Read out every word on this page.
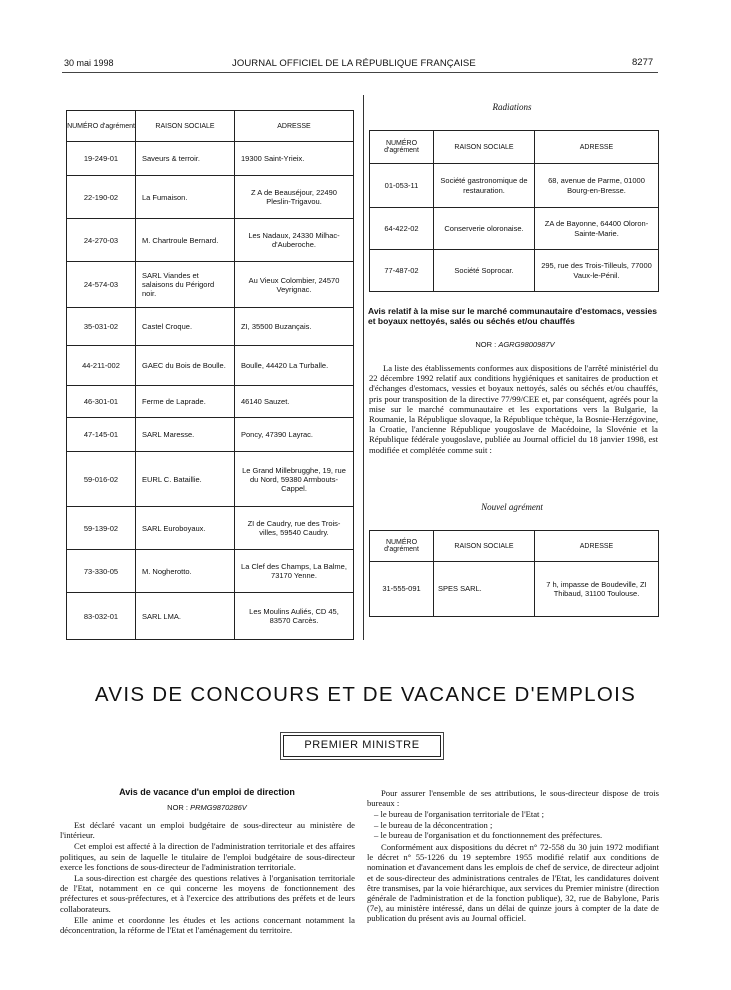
30 mai 1998	JOURNAL OFFICIEL DE LA RÉPUBLIQUE FRANÇAISE	8277
NUMÉRO d'agrément	RAISON SOCIALE	ADRESSE
19-249-01	Saveurs & terroir.	19300 Saint-Yrieix.
22-190-02	La Fumaison.	Z A de Beauséjour, 22490 Pleslin-Trigavou.
24-270-03	M. Chartroule Bernard.	Les Nadaux, 24330 Milhac-d'Auberoche.
24-574-03	SARL Viandes et salaisons du Périgord noir.	Au Vieux Colombier, 24570 Veyrignac.
35-031-02	Castel Croque.	ZI, 35500 Buzançais.
44-211-002	GAEC du Bois de Boulle.	Boulle, 44420 La Turballe.
46-301-01	Ferme de Laprade.	46140 Sauzet.
47-145-01	SARL Maresse.	Poncy, 47390 Layrac.
59-016-02	EURL C. Bataillie.	Le Grand Millebrugghe, 19, rue du Nord, 59380 Armbouts-Cappel.
59-139-02	SARL Euroboyaux.	ZI de Caudry, rue des Trois-villes, 59540 Caudry.
73-330-05	M. Nogherotto.	La Clef des Champs, La Balme, 73170 Yenne.
83-032-01	SARL LMA.	Les Moulins Auliés, CD 45, 83570 Carcès.
Radiations
NUMÉRO d'agrément	RAISON SOCIALE	ADRESSE
01-053-11	Société gastronomique de restauration.	68, avenue de Parme, 01000 Bourg-en-Bresse.
64-422-02	Conserverie oloronaise.	ZA de Bayonne, 64400 Oloron-Sainte-Marie.
77-487-02	Société Soprocar.	295, rue des Trois-Tilleuls, 77000 Vaux-le-Pénil.
Avis relatif à la mise sur le marché communautaire d'estomacs, vessies et boyaux nettoyés, salés ou séchés et/ou chauffés
NOR : AGRG9800987V

La liste des établissements conformes aux dispositions de l'arrêté ministériel du 22 décembre 1992 relatif aux conditions hygiéniques et sanitaires de production et d'échanges d'estomacs, vessies et boyaux nettoyés, salés ou séchés et/ou chauffés, pris pour transposition de la directive 77/99/CEE et, par conséquent, agréés pour la mise sur le marché communautaire et les exportations vers la Bulgarie, la Roumanie, la République slovaque, la République tchèque, la Bosnie-Herzégovine, la Croatie, l'ancienne République yougoslave de Macédoine, la Slovénie et la République fédérale yougoslave, publiée au Journal officiel du 18 janvier 1998, est modifiée et complétée comme suit :

Nouvel agrément
NUMÉRO d'agrément	RAISON SOCIALE	ADRESSE
31-555-091	SPES SARL.	7 h, impasse de Boudeville, ZI Thibaud, 31100 Toulouse.
AVIS DE CONCOURS ET DE VACANCE D'EMPLOIS
PREMIER MINISTRE
Avis de vacance d'un emploi de direction
NOR : PRMG9870286V

Est déclaré vacant un emploi budgétaire de sous-directeur au ministère de l'intérieur.

Cet emploi est affecté à la direction de l'administration territoriale et des affaires politiques, au sein de laquelle le titulaire de l'emploi budgétaire de sous-directeur exerce les fonctions de sous-directeur de l'administration territoriale.

La sous-direction est chargée des questions relatives à l'organisation territoriale de l'Etat, notamment en ce qui concerne les moyens de fonctionnement des préfectures et sous-préfectures, et à l'exercice des attributions des préfets et de leurs collaborateurs.

Elle anime et coordonne les études et les actions concernant notamment la déconcentration, la réforme de l'Etat et l'aménagement du territoire.

Pour assurer l'ensemble de ses attributions, le sous-directeur dispose de trois bureaux :

– le bureau de l'organisation territoriale de l'Etat ;
– le bureau de la déconcentration ;
– le bureau de l'organisation et du fonctionnement des préfectures.

Conformément aux dispositions du décret n° 72-558 du 30 juin 1972 modifiant le décret n° 55-1226 du 19 septembre 1955 modifié relatif aux conditions de nomination et d'avancement dans les emplois de chef de service, de directeur adjoint et de sous-directeur des administrations centrales de l'Etat, les candidatures doivent être transmises, par la voie hiérarchique, aux services du Premier ministre (direction générale de l'administration et de la fonction publique), 32, rue de Babylone, Paris (7e), au ministère intéressé, dans un délai de quinze jours à compter de la date de publication du présent avis au Journal officiel.
